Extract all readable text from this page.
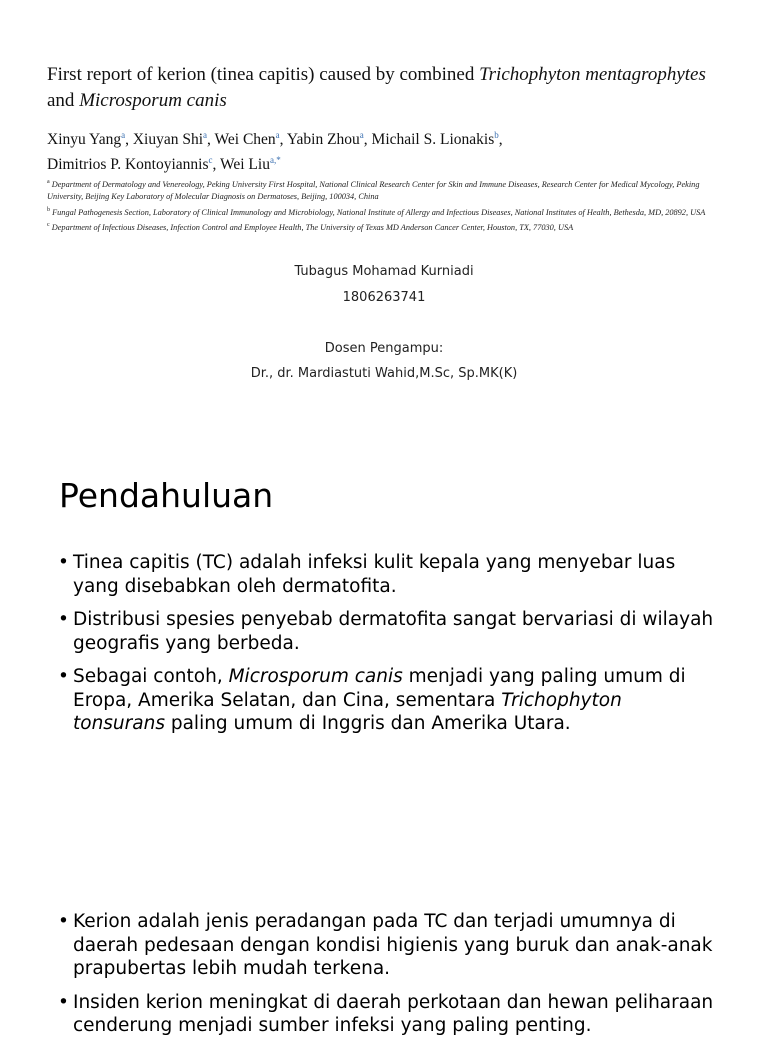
First report of kerion (tinea capitis) caused by combined Trichophyton mentagrophytes and Microsporum canis
Xinyu Yang$^a$, Xiuyan Shi$^a$, Wei Chen$^a$, Yabin Zhou$^a$, Michail S. Lionakis$^b$,
Dimitrios P. Kontoyiannis$^c$, Wei Liu$^{a,*}$
$^a$ Department of Dermatology and Venereology, Peking University First Hospital, National Clinical Research Center for Skin and Immune Diseases, Research Center for Medical Mycology, Peking University, Beijing Key Laboratory of Molecular Diagnosis on Dermatoses, Beijing, 100034, China
$^b$ Fungal Pathogenesis Section, Laboratory of Clinical Immunology and Microbiology, National Institute of Allergy and Infectious Diseases, National Institutes of Health, Bethesda, MD, 20892, USA
$^c$ Department of Infectious Diseases, Infection Control and Employee Health, The University of Texas MD Anderson Cancer Center, Houston, TX, 77030, USA
Tubagus Mohamad Kurniadi
1806263741
Dosen Pengampu:
Dr., dr. Mardiastuti Wahid,M.Sc, Sp.MK(K)
Pendahuluan
• Tinea capitis (TC) adalah infeksi kulit kepala yang menyebar luas yang disebabkan oleh dermatofita.
• Distribusi spesies penyebab dermatofita sangat bervariasi di wilayah geografis yang berbeda.
• Sebagai contoh, Microsporum canis menjadi yang paling umum di Eropa, Amerika Selatan, dan Cina, sementara Trichophyton tonsurans paling umum di Inggris dan Amerika Utara.
• Kerion adalah jenis peradangan pada TC dan terjadi umumnya di daerah pedesaan dengan kondisi higienis yang buruk dan anak-anak prapubertas lebih mudah terkena.
• Insiden kerion meningkat di daerah perkotaan dan hewan peliharaan cenderung menjadi sumber infeksi yang paling penting.
